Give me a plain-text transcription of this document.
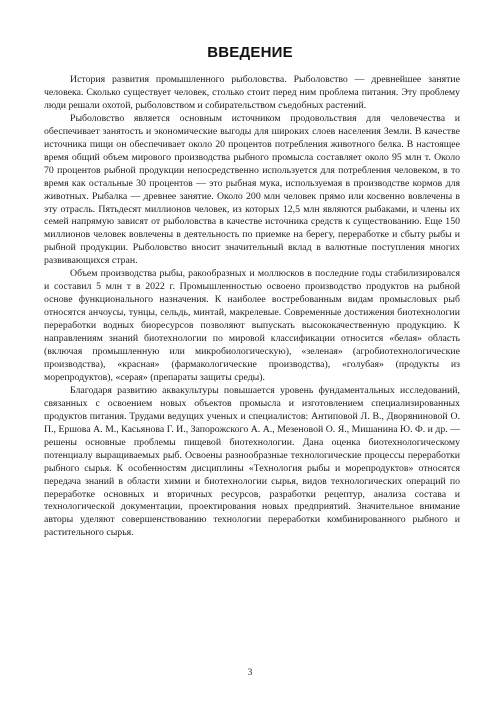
ВВЕДЕНИЕ

История развития промышленного рыболовства. Рыболовство — древнейшее занятие человека. Сколько существует человек, столько стоит перед ним проблема питания. Эту проблему люди решали охотой, рыболовством и собирательством съедобных растений.

Рыболовство является основным источником продовольствия для человечества и обеспечивает занятость и экономические выгоды для широких слоев населения Земли. В качестве источника пищи он обеспечивает около 20 процентов потребления животного белка. В настоящее время общий объем мирового производства рыбного промысла составляет около 95 млн т. Около 70 процентов рыбной продукции непосредственно используется для потребления человеком, в то время как остальные 30 процентов — это рыбная мука, используемая в производстве кормов для животных. Рыбалка — древнее занятие. Около 200 млн человек прямо или косвенно вовлечены в эту отрасль. Пятьдесят миллионов человек, из которых 12,5 млн являются рыбаками, и члены их семей напрямую зависят от рыболовства в качестве источника средств к существованию. Еще 150 миллионов человек вовлечены в деятельность по приемке на берегу, переработке и сбыту рыбы и рыбной продукции. Рыболовство вносит значительный вклад в валютные поступления многих развивающихся стран.

Объем производства рыбы, ракообразных и моллюсков в последние годы стабилизировался и составил 5 млн т в 2022 г. Промышленностью освоено производство продуктов на рыбной основе функционального назначения. К наиболее востребованным видам промысловых рыб относятся анчоусы, тунцы, сельдь, минтай, макрелевые. Современные достижения биотехнологии переработки водных биоресурсов позволяют выпускать высококачественную продукцию. К направлениям знаний биотехнологии по мировой классификации относится «белая» область (включая промышленную или микробиологическую), «зеленая» (агробиотехнологические производства), «красная» (фармакологические производства), «голубая» (продукты из морепродуктов), «серая» (препараты защиты среды).

Благодаря развитию аквакультуры повышается уровень фундаментальных исследований, связанных с освоением новых объектов промысла и изготовлением специализированных продуктов питания. Трудами ведущих ученых и специалистов: Антиповой Л. В., Дворяниновой О. П., Ершова А. М., Касьянова Г. И., Запорожского А. А., Мезеновой О. Я., Мишанина Ю. Ф. и др. — решены основные проблемы пищевой биотехнологии. Дана оценка биотехнологическому потенциалу выращиваемых рыб. Освоены разнообразные технологические процессы переработки рыбного сырья. К особенностям дисциплины «Технология рыбы и морепродуктов» относятся передача знаний в области химии и биотехнологии сырья, видов технологических операций по переработке основных и вторичных ресурсов, разработки рецептур, анализа состава и технологической документации, проектирования новых предприятий. Значительное внимание авторы уделяют совершенствованию технологии переработки комбинированного рыбного и растительного сырья.

3
